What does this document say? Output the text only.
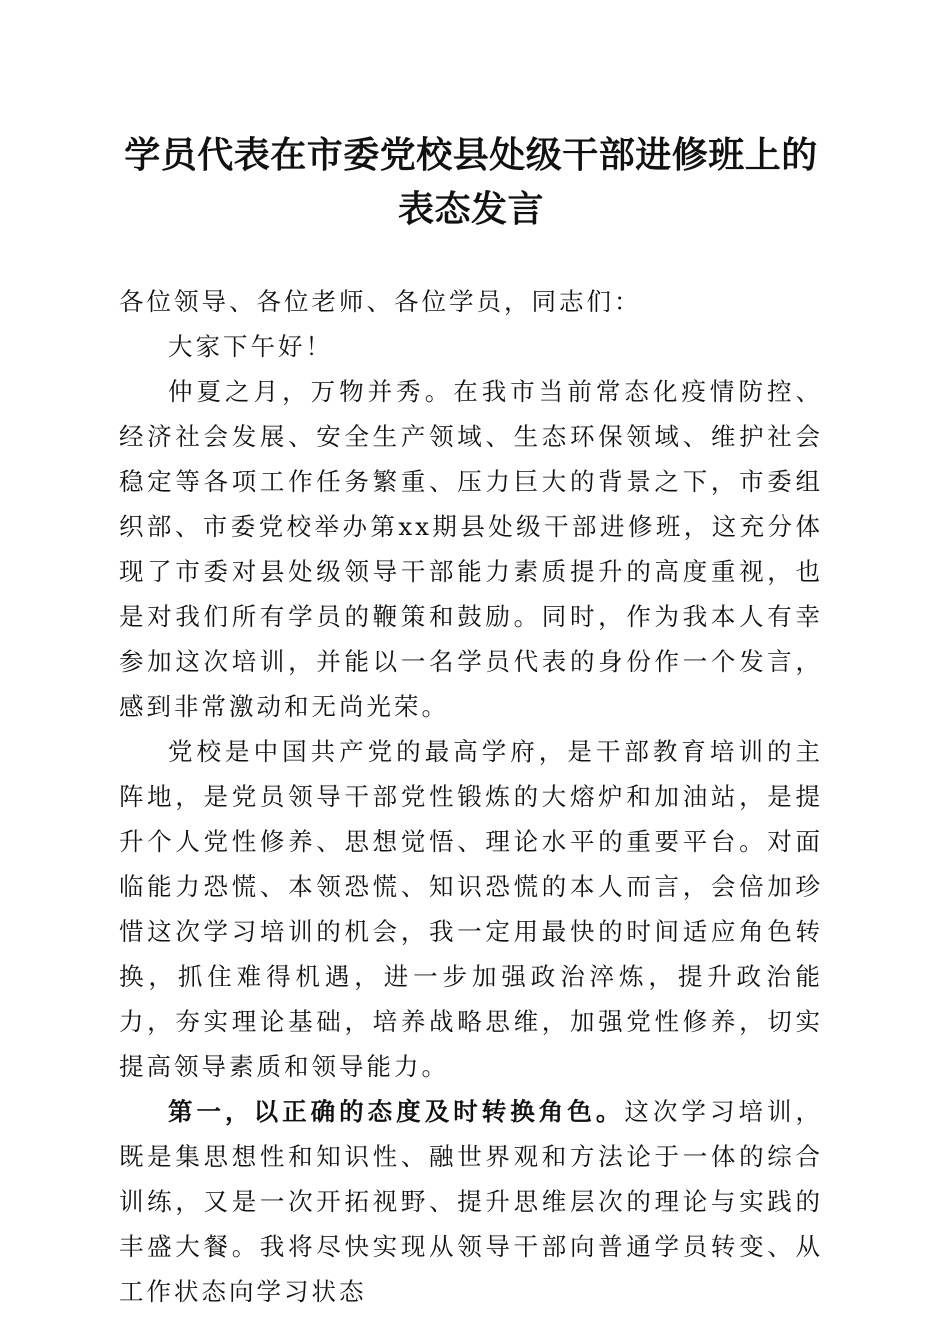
学员代表在市委党校县处级干部进修班上的表态发言

各位领导、各位老师、各位学员，同志们：

大家下午好！

仲夏之月，万物并秀。在我市当前常态化疫情防控、经济社会发展、安全生产领域、生态环保领域、维护社会稳定等各项工作任务繁重、压力巨大的背景之下，市委组织部、市委党校举办第xx期县处级干部进修班，这充分体现了市委对县处级领导干部能力素质提升的高度重视，也是对我们所有学员的鞭策和鼓励。同时，作为我本人有幸参加这次培训，并能以一名学员代表的身份作一个发言，感到非常激动和无尚光荣。

党校是中国共产党的最高学府，是干部教育培训的主阵地，是党员领导干部党性锻炼的大熔炉和加油站，是提升个人党性修养、思想觉悟、理论水平的重要平台。对面临能力恐慌、本领恐慌、知识恐慌的本人而言，会倍加珍惜这次学习培训的机会，我一定用最快的时间适应角色转换，抓住难得机遇，进一步加强政治淬炼，提升政治能力，夯实理论基础，培养战略思维，加强党性修养，切实提高领导素质和领导能力。

第一，以正确的态度及时转换角色。这次学习培训，既是集思想性和知识性、融世界观和方法论于一体的综合训练，又是一次开拓视野、提升思维层次的理论与实践的丰盛大餐。我将尽快实现从领导干部向普通学员转变、从工作状态向学习状态
